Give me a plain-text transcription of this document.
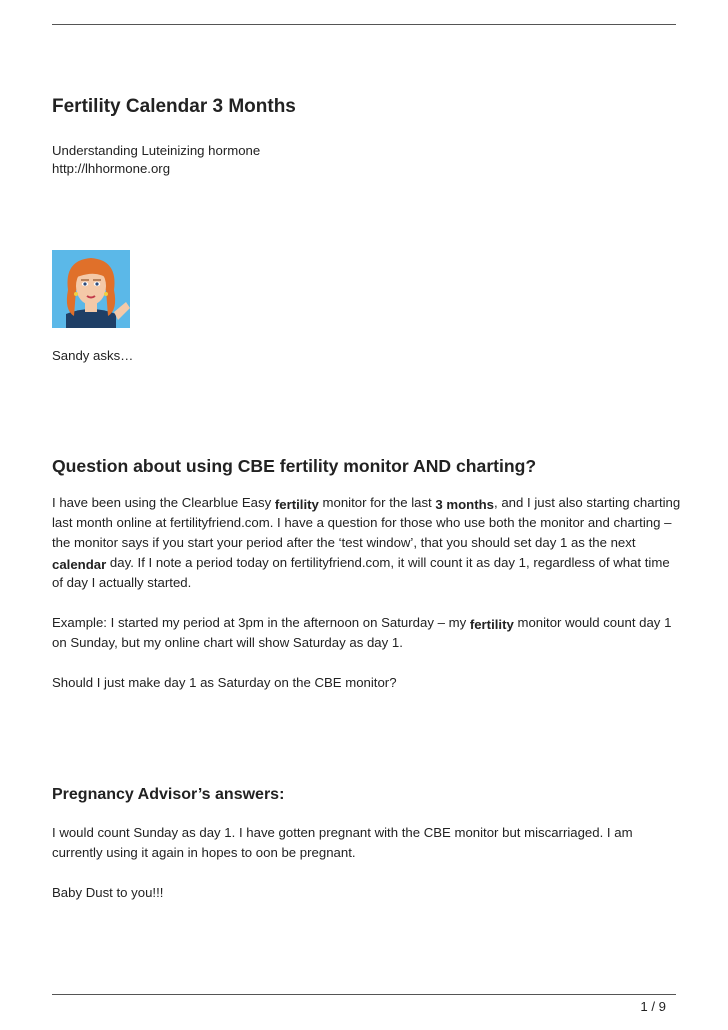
Fertility Calendar 3 Months
Understanding Luteinizing hormone
http://lhhormone.org
Sandy asks…
Question about using CBE fertility monitor AND charting?

I have been using the Clearblue Easy fertility monitor for the last 3 months, and I just also starting charting last month online at fertilityfriend.com. I have a question for those who use both the monitor and charting – the monitor says if you start your period after the ‘test window’, that you should set day 1 as the next calendar day. If I note a period today on fertilityfriend.com, it will count it as day 1, regardless of what time of day I actually started.

Example: I started my period at 3pm in the afternoon on Saturday – my fertility monitor would count day 1 on Sunday, but my online chart will show Saturday as day 1.

Should I just make day 1 as Saturday on the CBE monitor?

Pregnancy Advisor’s answers:

I would count Sunday as day 1. I have gotten pregnant with the CBE monitor but miscarriaged. I am currently using it again in hopes to oon be pregnant.

Baby Dust to you!!!

1 / 9
